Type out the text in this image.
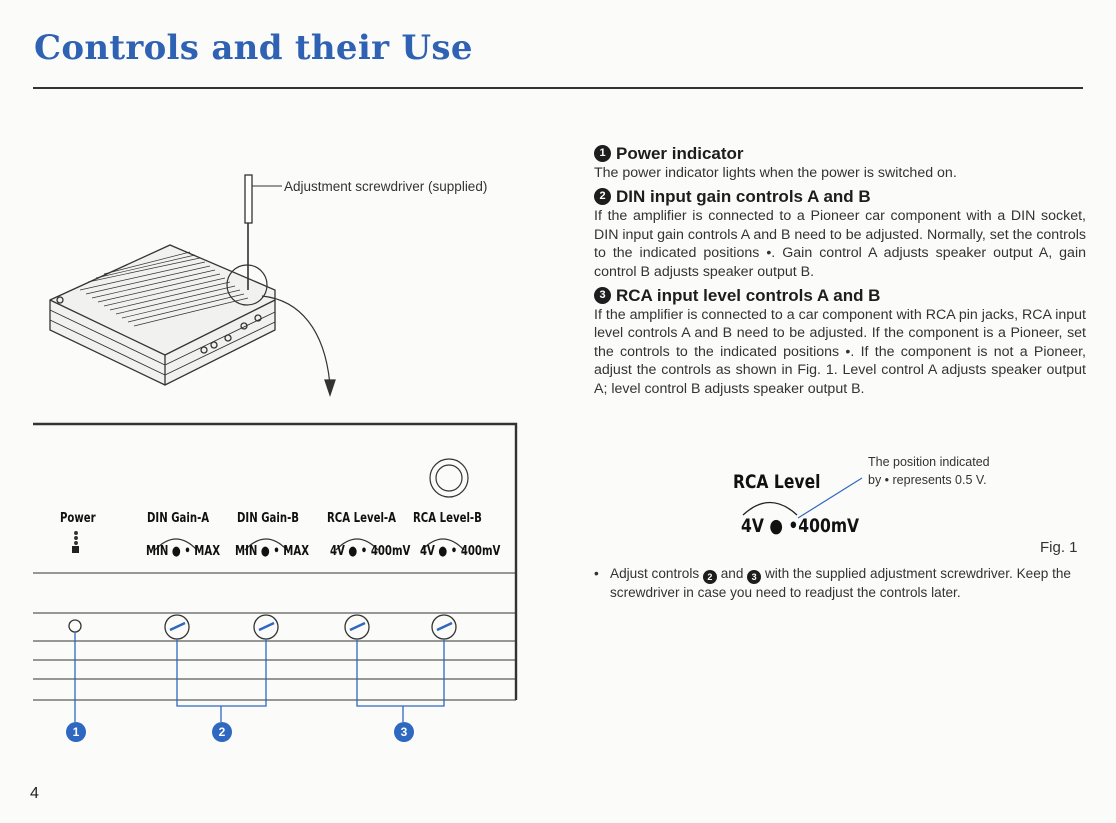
Controls and their Use
Adjustment screwdriver (supplied)
Power	DIN Gain-A DIN Gain-B RCA Level-A RCA Level-B
MIN ● • MAX MIN ● • MAX 4V ● • 400mV 4V ● • 400mV
1	2	3
1 Power indicator

The power indicator lights when the power is switched on.

2 DIN input gain controls A and B

If the amplifier is connected to a Pioneer car component with a DIN socket, DIN input gain controls A and B need to be adjusted. Normally, set the controls to the indicated positions •. Gain control A adjusts speaker output A, gain control B adjusts speaker output B.

3 RCA input level controls A and B

If the amplifier is connected to a car component with RCA pin jacks, RCA input level controls A and B need to be adjusted. If the component is a Pioneer, set the controls to the indicated positions •. If the component is not a Pioneer, adjust the controls as shown in Fig. 1. Level control A adjusts speaker output A; level control B adjusts speaker output B.

RCA Level
4V ● •400mV
The position indicated
by • represents 0.5 V.
Fig. 1
• Adjust controls 2 and 3 with the supplied adjustment screwdriver. Keep the screwdriver in case you need to readjust the controls later.
4
